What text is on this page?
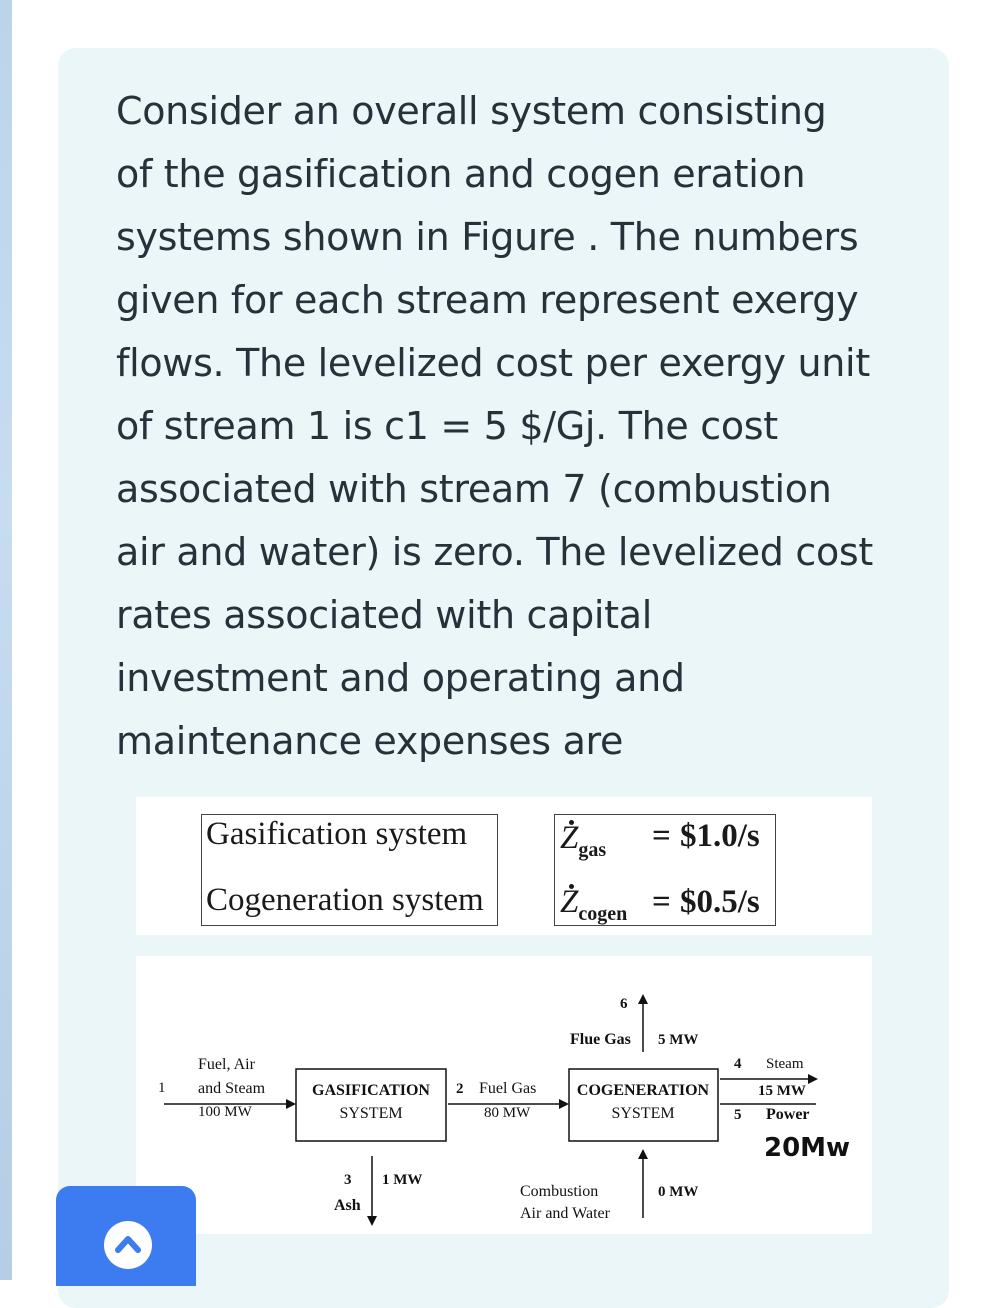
Consider an overall system consisting
of the gasification and cogen eration
systems shown in Figure . The numbers
given for each stream represent exergy
flows. The levelized cost per exergy unit
of stream 1 is c1 = 5 $/Gj. The cost
associated with stream 7 (combustion
air and water) is zero. The levelized cost
rates associated with capital
investment and operating and
maintenance expenses are
Gasification system
Cogeneration system
$Z_{gas}$ = $1.0/s
$Z_{cogen}$ = $0.5/s
GASIFICATION
SYSTEM
COGENERATION
SYSTEM
1
Fuel, Air
and Steam
100 MW
2 Fuel Gas
80 MW
3
Ash
1 MW
6
Flue Gas 5 MW
Combustion
Air and Water
0 MW
4 Steam
15 MW
5 Power
20Mw
